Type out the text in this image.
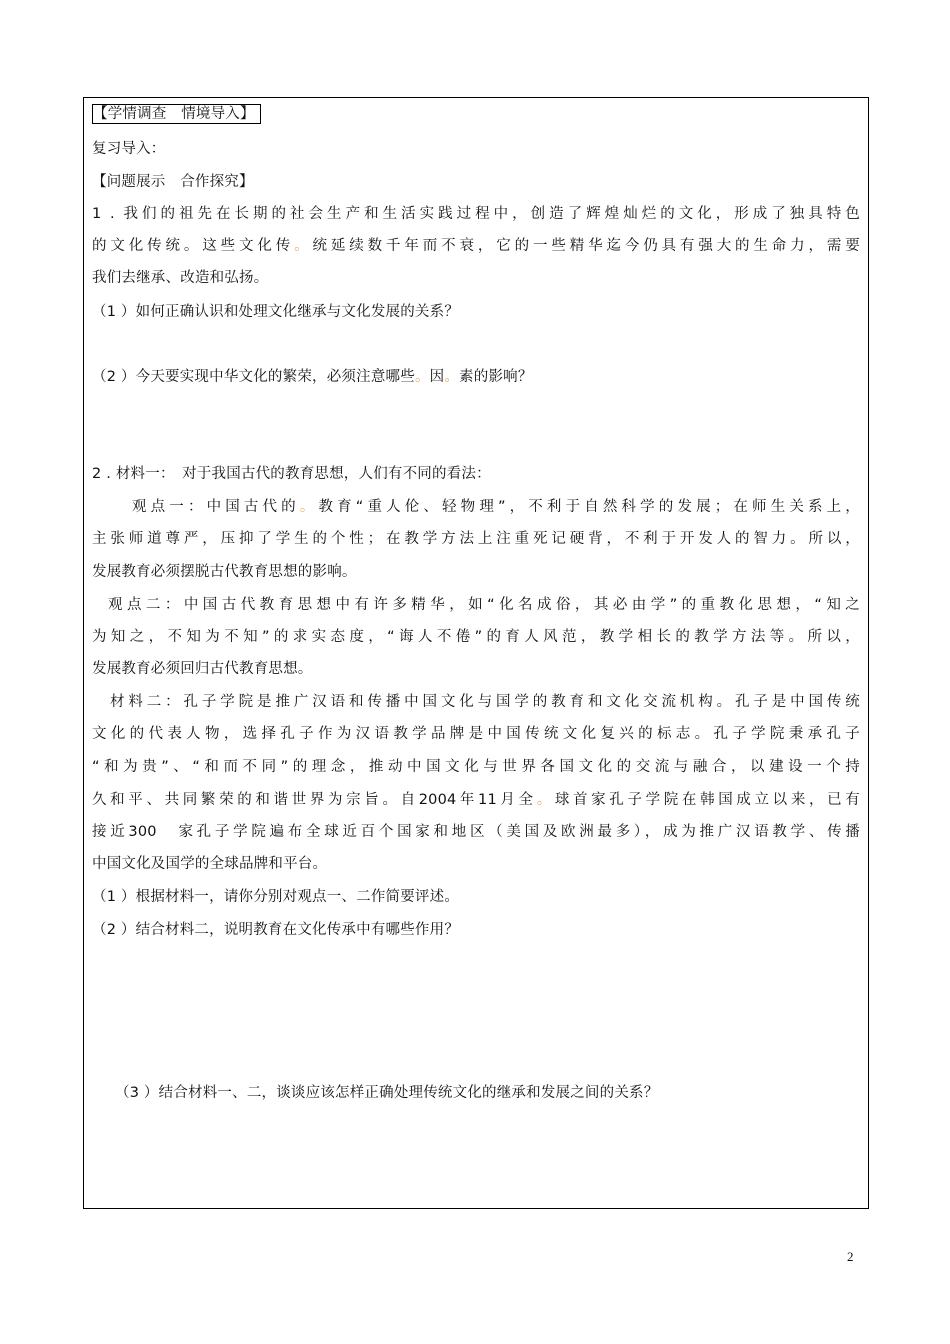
【学情调查　情境导入】
复习导入：
【问题展示　合作探究】
1 . 我们的祖先在长期的社会生产和生活实践过程中，创造了辉煌灿烂的文化，形成了独具特色
的文化传统。这些文化传。统延续数千年而不衰，它的一些精华迄今仍具有强大的生命力，需要
我们去继承、改造和弘扬。
（1 ）如何正确认识和处理文化继承与文化发展的关系？
（2 ）今天要实现中华文化的繁荣，必须注意哪些。因。素的影响？
2 . 材料一：　对于我国古代的教育思想，人们有不同的看法：
观点一：中国古代的。教育“重人伦、轻物理”，不利于自然科学的发展；在师生关系上，
主张师道尊严，压抑了学生的个性；在教学方法上注重死记硬背，不利于开发人的智力。所以，
发展教育必须摆脱古代教育思想的影响。
观点二：中国古代教育思想中有许多精华，如“化名成俗，其必由学”的重教化思想，“知之
为知之，不知为不知”的求实态度，“诲人不倦”的育人风范，教学相长的教学方法等。所以，
发展教育必须回归古代教育思想。
材料二：孔子学院是推广汉语和传播中国文化与国学的教育和文化交流机构。孔子是中国传统
文化的代表人物，选择孔子作为汉语教学品牌是中国传统文化复兴的标志。孔子学院秉承孔子
“和为贵”、“和而不同”的理念，推动中国文化与世界各国文化的交流与融合，以建设一个持
久和平、共同繁荣的和谐世界为宗旨。自2004年11月全。球首家孔子学院在韩国成立以来，已有
接近300　家孔子学院遍布全球近百个国家和地区（美国及欧洲最多），成为推广汉语教学、传播
中国文化及国学的全球品牌和平台。
（1 ）根据材料一，请你分别对观点一、二作简要评述。
（2 ）结合材料二，说明教育在文化传承中有哪些作用？
（3 ）结合材料一、二，谈谈应该怎样正确处理传统文化的继承和发展之间的关系？
2
